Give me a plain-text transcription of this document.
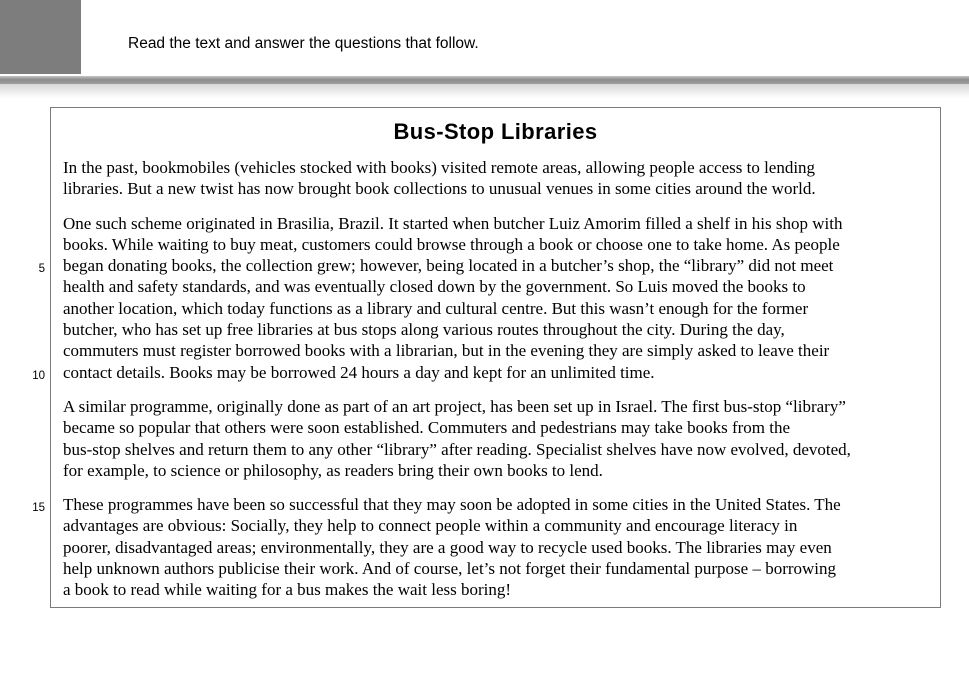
Read the text and answer the questions that follow.
Bus-Stop Libraries
In the past, bookmobiles (vehicles stocked with books) visited remote areas, allowing people access to lending
libraries. But a new twist has now brought book collections to unusual venues in some cities around the world.
One such scheme originated in Brasilia, Brazil. It started when butcher Luiz Amorim filled a shelf in his shop with
books. While waiting to buy meat, customers could browse through a book or choose one to take home. As people
5 began donating books, the collection grew; however, being located in a butcher’s shop, the “library” did not meet
health and safety standards, and was eventually closed down by the government. So Luis moved the books to
another location, which today functions as a library and cultural centre. But this wasn’t enough for the former
butcher, who has set up free libraries at bus stops along various routes throughout the city. During the day,
commuters must register borrowed books with a librarian, but in the evening they are simply asked to leave their
10 contact details. Books may be borrowed 24 hours a day and kept for an unlimited time.
A similar programme, originally done as part of an art project, has been set up in Israel. The first bus-stop “library”
became so popular that others were soon established. Commuters and pedestrians may take books from the
bus-stop shelves and return them to any other “library” after reading. Specialist shelves have now evolved, devoted,
for example, to science or philosophy, as readers bring their own books to lend.
15 These programmes have been so successful that they may soon be adopted in some cities in the United States. The
advantages are obvious: Socially, they help to connect people within a community and encourage literacy in
poorer, disadvantaged areas; environmentally, they are a good way to recycle used books. The libraries may even
help unknown authors publicise their work. And of course, let’s not forget their fundamental purpose – borrowing
a book to read while waiting for a bus makes the wait less boring!
